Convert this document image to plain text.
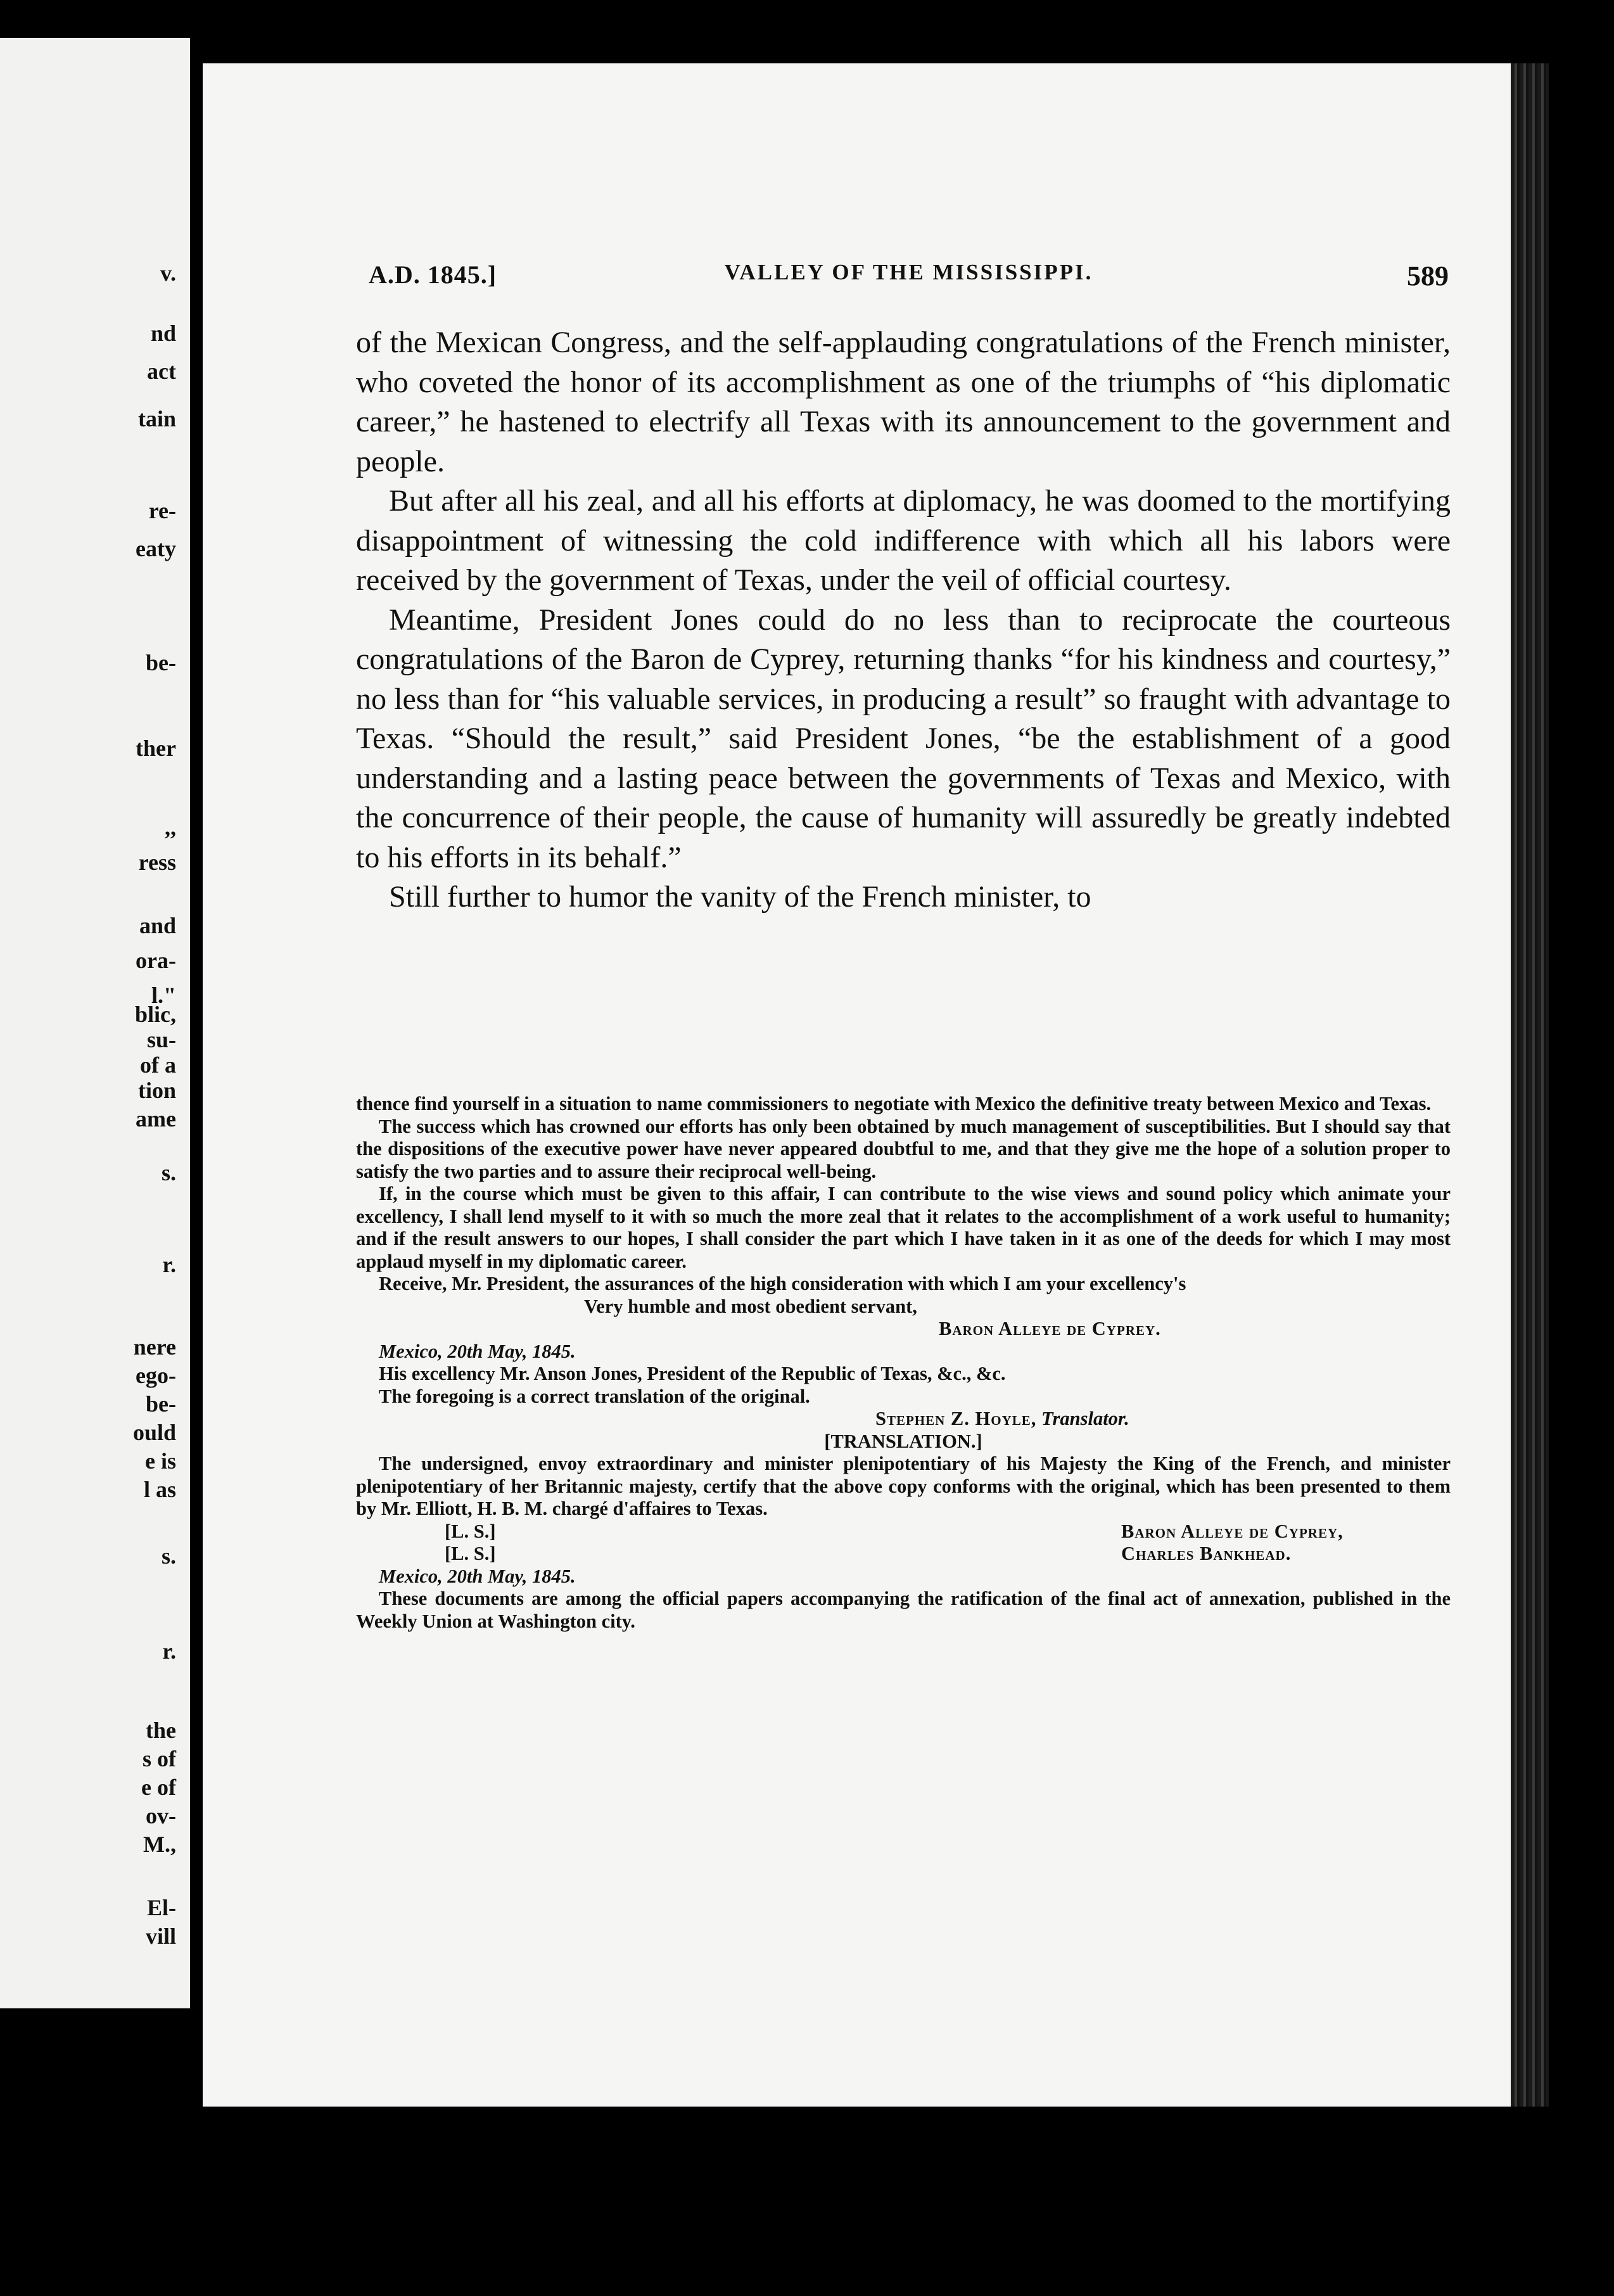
v.
nd
act
tain
re-
eaty
be-
ther
,,
ress
and
ora-
l."
blic,
su-
of a
tion
ame
s.
r.
nere
ego-
be-
ould
e is
l as
s.
r.
the
s of
e of
ov-
M.,
El-
vill
A.D. 1845.]	VALLEY OF THE MISSISSIPPI.	589

of the Mexican Congress, and the self-applauding congratulations of the French minister, who coveted the honor of its accomplishment as one of the triumphs of “his diplomatic career,” he hastened to electrify all Texas with its announcement to the government and people.

But after all his zeal, and all his efforts at diplomacy, he was doomed to the mortifying disappointment of witnessing the cold indifference with which all his labors were received by the government of Texas, under the veil of official courtesy.

Meantime, President Jones could do no less than to reciprocate the courteous congratulations of the Baron de Cyprey, returning thanks “for his kindness and courtesy,” no less than for “his valuable services, in producing a result” so fraught with advantage to Texas. “Should the result,” said President Jones, “be the establishment of a good understanding and a lasting peace between the governments of Texas and Mexico, with the concurrence of their people, the cause of humanity will assuredly be greatly indebted to his efforts in its behalf.”

Still further to humor the vanity of the French minister, to

thence find yourself in a situation to name commissioners to negotiate with Mexico the definitive treaty between Mexico and Texas.

The success which has crowned our efforts has only been obtained by much management of susceptibilities. But I should say that the dispositions of the executive power have never appeared doubtful to me, and that they give me the hope of a solution proper to satisfy the two parties and to assure their reciprocal well-being.

If, in the course which must be given to this affair, I can contribute to the wise views and sound policy which animate your excellency, I shall lend myself to it with so much the more zeal that it relates to the accomplishment of a work useful to humanity; and if the result answers to our hopes, I shall consider the part which I have taken in it as one of the deeds for which I may most applaud myself in my diplomatic career.

Receive, Mr. President, the assurances of the high consideration with which I am your excellency's

Very humble and most obedient servant,

Baron Alleye de Cyprey.

Mexico, 20th May, 1845.

His excellency Mr. Anson Jones, President of the Republic of Texas, &c., &c.

The foregoing is a correct translation of the original.

Stephen Z. Hoyle, Translator.

[TRANSLATION.]

The undersigned, envoy extraordinary and minister plenipotentiary of his Majesty the King of the French, and minister plenipotentiary of her Britannic majesty, certify that the above copy conforms with the original, which has been presented to them by Mr. Elliott, H. B. M. chargé d'affaires to Texas.

[L. S.]	Baron Alleye de Cyprey,
[L. S.]	Charles Bankhead.

Mexico, 20th May, 1845.

These documents are among the official papers accompanying the ratification of the final act of annexation, published in the Weekly Union at Washington city.
